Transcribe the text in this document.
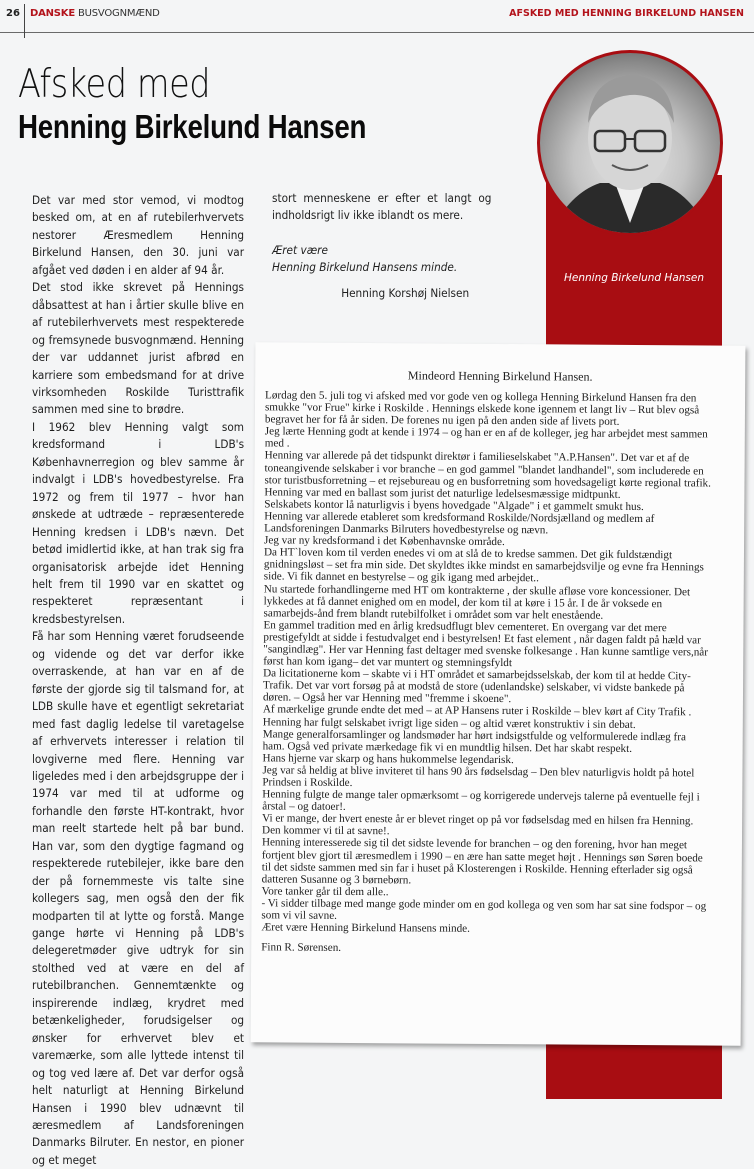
26 DANSKE BUSVOGNMÆND	AFSKED MED HENNING BIRKELUND HANSEN
Afsked med
Henning Birkelund Hansen

Det var med stor vemod, vi modtog besked om, at en af rutebilerhvervets nestorer Æresmedlem Henning Birkelund Hansen, den 30. juni var afgået ved døden i en alder af 94 år.

Det stod ikke skrevet på Hennings dåbsattest at han i årtier skulle blive en af rutebilerhvervets mest respekterede og fremsynede busvognmænd. Henning der var uddannet jurist afbrød en karriere som embedsmand for at drive virksomheden Roskilde Turisttrafik sammen med sine to brødre.

I 1962 blev Henning valgt som kredsformand i LDB's Københavnerregion og blev samme år indvalgt i LDB's hovedbestyrelse. Fra 1972 og frem til 1977 – hvor han ønskede at udtræde – repræsenterede Henning kredsen i LDB's nævn. Det betød imidlertid ikke, at han trak sig fra organisatorisk arbejde idet Henning helt frem til 1990 var en skattet og respekteret repræsentant i kredsbestyrelsen.

Få har som Henning været forudseende og vidende og det var derfor ikke overraskende, at han var en af de første der gjorde sig til talsmand for, at LDB skulle have et egentligt sekretariat med fast daglig ledelse til varetagelse af erhvervets interesser i relation til lovgiverne med flere. Henning var ligeledes med i den arbejdsgruppe der i 1974 var med til at udforme og forhandle den første HT-kontrakt, hvor man reelt startede helt på bar bund. Han var, som den dygtige fagmand og respekterede rutebilejer, ikke bare den der på fornemmeste vis talte sine kollegers sag, men også den der fik modparten til at lytte og forstå. Mange gange hørte vi Henning på LDB's delegeretmøder give udtryk for sin stolthed ved at være en del af rutebilbranchen. Gennemtænkte og inspirerende indlæg, krydret med betænkeligheder, forudsigelser og ønsker for erhvervet blev et varemærke, som alle lyttede intenst til og tog ved lære af. Det var derfor også helt naturligt at Henning Birkelund Hansen i 1990 blev udnævnt til æresmedlem af Landsforeningen Danmarks Bilruter. En nestor, en pioner og et meget

stort menneskene er efter et langt og indholdsrigt liv ikke iblandt os mere.

Æret være

Henning Birkelund Hansens minde.

Henning Korshøj Nielsen

Henning Birkelund Hansen
Mindeord Henning Birkelund Hansen.
Lørdag den 5. juli tog vi afsked med vor gode ven og kollega Henning Birkelund Hansen fra den
smukke "vor Frue" kirke i Roskilde . Hennings elskede kone igennem et langt liv – Rut blev også
begravet her for få år siden. De forenes nu igen på den anden side af livets port.
Jeg lærte Henning godt at kende i 1974 – og han er en af de kolleger, jeg har arbejdet mest sammen
med .
Henning var allerede på det tidspunkt direktør i familieselskabet "A.P.Hansen". Det var et af de
toneangivende selskaber i vor branche – en god gammel "blandet landhandel", som includerede en
stor turistbusforretning – et rejsebureau og en busforretning som hovedsageligt kørte regional trafik.
Henning var med en ballast som jurist det naturlige ledelsesmæssige midtpunkt.
Selskabets kontor lå naturligvis i byens hovedgade "Algade" i et gammelt smukt hus.
Henning var allerede etableret som kredsformand Roskilde/Nordsjælland og medlem af
Landsforeningen Danmarks Bilruters hovedbestyrelse og nævn.
Jeg var ny kredsformand i det Københavnske område.
Da HT`loven kom til verden enedes vi om at slå de to kredse sammen. Det gik fuldstændigt
gnidningsløst – set fra min side. Det skyldtes ikke mindst en samarbejdsvilje og evne fra Hennings
side. Vi fik dannet en bestyrelse – og gik igang med arbejdet..
Nu startede forhandlingerne med HT om kontrakterne , der skulle afløse vore koncessioner. Det
lykkedes at få dannet enighed om en model, der kom til at køre i 15 år. I de år voksede en
samarbejds-ånd frem blandt rutebilfolket i området som var helt enestående.
En gammel tradition med en årlig kredsudflugt blev cementeret. En overgang var det mere
prestigefyldt at sidde i festudvalget end i bestyrelsen! Et fast element , når dagen faldt på hæld var
"sangindlæg". Her var Henning fast deltager med svenske folkesange . Han kunne samtlige vers,når
først han kom igang– det var muntert og stemningsfyldt
Da licitationerne kom – skabte vi i HT området et samarbejdsselskab, der kom til at hedde City-
Trafik. Det var vort forsøg på at modstå de store (udenlandske) selskaber, vi vidste bankede på
døren. – Også her var Henning med "fremme i skoene".
Af mærkelige grunde endte det med – at AP Hansens ruter i Roskilde – blev kørt af City Trafik .
Henning har fulgt selskabet ivrigt lige siden – og altid været konstruktiv i sin debat.
Mange generalforsamlinger og landsmøder har hørt indsigstfulde og velformulerede indlæg fra
ham. Også ved private mærkedage fik vi en mundtlig hilsen. Det har skabt respekt.
Hans hjerne var skarp og hans hukommelse legendarisk.
Jeg var så heldig at blive inviteret til hans 90 års fødselsdag – Den blev naturligvis holdt på hotel
Prindsen i Roskilde.
Henning fulgte de mange taler opmærksomt – og korrigerede undervejs talerne på eventuelle fejl i
årstal – og datoer!.
Vi er mange, der hvert eneste år er blevet ringet op på vor fødselsdag med en hilsen fra Henning.
Den kommer vi til at savne!.
Henning interesserede sig til det sidste levende for branchen – og den forening, hvor han meget
fortjent blev gjort til æresmedlem i 1990 – en ære han satte meget højt . Hennings søn Søren boede
til det sidste sammen med sin far i huset på Klosterengen i Roskilde. Henning efterlader sig også
datteren Susanne og 3 børnebørn.
Vore tanker går til dem alle..
- Vi sidder tilbage med mange gode minder om en god kollega og ven som har sat sine fodspor – og
som vi vil savne.
Æret være Henning Birkelund Hansens minde.
Finn R. Sørensen.
